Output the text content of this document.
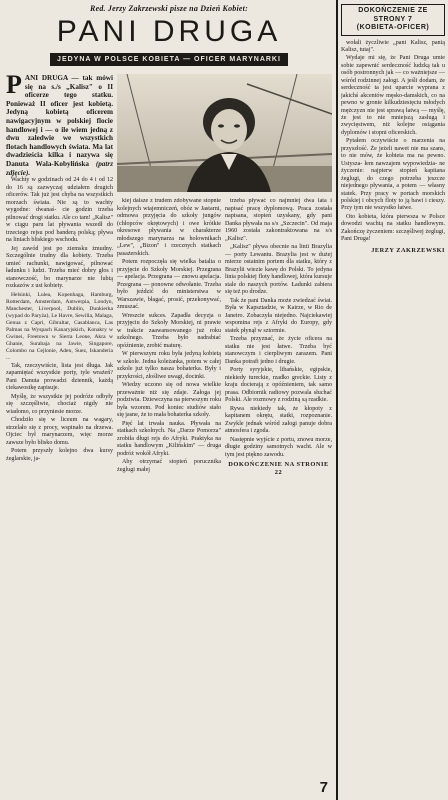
Red. Jerzy Zakrzewski pisze na Dzień Kobiet:
PANI DRUGA
JEDYNA W POLSCE KOBIETA — OFICER MARYNARKI
P ANI DRUGA — tak mówi się na s./s „Kalisz" o II oficerze tego statku. Ponieważ II oficer jest kobietą. Jedyną kobietą oficerem nawigacyjnym w polskiej flocie handlowej i — o ile wiem jedną z dwu zaledwie we wszystkich flotach handlowych świata. Ma lat dwadzieścia kilka i nazywa się Danuta Wala-Kobyłińska (patrz zdjęcie).

Wachty w godzinach od 24 do 4 i od 12 do 16 są zazwyczaj udziałem drugich oficerów. Tak już jest chyba na wszystkich morzach świata. Nie są to wachty wygodne: dwanaś- cie godzin trzeba pilnować drogi statku. Ale co tam! „Kalisz" w ciągu paru lat pływania wszedł do trzeciego rejsu pod banderą polską; pływa na liniach bliskiego wschodu.

Jej zawód jest po ziemsku żmudny. Szczególnie trudny dla kobiety. Trzeba umieć rachunki, nawigować, pilnować ładunku i ludzi. Trzeba mieć dobry głos i stanowczość, bo marynarze nie lubią rozkazów z ust kobiety.

Helsinki, Lulea, Kopenhaga, Hamburg, Rotterdam, Amsterdam, Antwerpia, Londyn, Manchester, Liverpool, Dublin, Dunkierka (wypad do Paryża), Le Havre, Sewilla, Malaga, Genua z Capri, Gibraltar, Casablanca, Las Palmas na Wyspach Kanaryjskich, Konakry w Gwinei, Freetown w Sierra Leone, Akra w Ghanie, Surabaja na Jawie, Singapore, Colombo na Cejlonie, Aden, Suez, Iskanderia ...

Tak, rzeczywiście, lista jest długa. Jak zapamiętać wszystkie porty, tyle wrażeń? Pani Danuta prowadzi dziennik, każdą ciekawostkę zapisuje.

Myślę, że wszystkie jej podróże odbyły się szczęśliwie, chociaż nigdy nie wiadomo, co przyniesie morze.

Chodziło się w liceum na wagary, strzelało się z procy, wspinało na drzewa. Ojciec był marynarzem, więc morze zawsze było blisko domu.

Potem przyszły kolejno dwa kursy żeglarskie, ja-

kiej dalsze z trudem zdobywane stopnie kolejnych wtajemniczeń, obóz w Jastarni, odmowa przyjęcia do szkoły jungów (chłopców okrętowych) i owe krótkie okresowe pływania w charakterze młodszego marynarza na holownikach „Lew", „Bizon" i rzecznych statkach pasażerskich.

Potem rozpoczęła się wielka batalia o przyjęcie do Szkoły Morskiej. Przegrana — apelacja. Przegrana — znowu apelacja. Przegrana — ponowne odwołanie. Trzeba było jeździć do ministerstwa w Warszawie, błagać, prosić, przekonywać, zmuszać.

Wreszcie sukces. Zapadła decyzja o przyjęciu do Szkoły Morskiej, ni prawie w trakcie zaawansowanego już roku szkolnego. Trzeba było nadrabiać opóźnienie, zrobić maturę.

W pierwszym roku była jedyną kobietą w szkole. Jedna koleżanka, potem w całej szkole już tylko nasza bohaterka. Były i przykrości, złośliwe uwagi, docinki.

Wiedzy uczono się od nowa wielkie przeważnie niż się zdaje. Załoga jej podziwia. Dziewczyna na pierwszym roku była wzorem. Pod koniec studiów stało się jasne, że to mała bohaterka szkoły.

Pięć lat trwała nauka. Pływała na statkach szkolnych. Na „Darze Pomorza" zrobiła długi rejs do Afryki. Praktyka na statku handlowym „Kilińskim" — druga podróż wokół Afryki.

Aby otrzymać stopień porucznika żeglugi małej

trzeba pływać co najmniej dwa lata i napisać pracę dyplomową. Praca została napisana, stopień uzyskany, gdy pani Danka pływała na s/s „Szczecin". Od maja 1960 została zakontraktowana na s/s „Kalisz".

„Kalisz" pływa obecnie na linii Brazylia — porty Lewantu. Brazylia jest w dużej mierze ostatnim portem dla statku, który z Brazylii wiezie kawę do Polski. To jedyna linia polskiej floty handlowej, która kursuje stale do naszych portów. Ładunki zabiera się też po drodze.

Tak że pani Danka może zwiedzać świat. Była w Kapsztadzie, w Kairze, w Rio de Janeiro. Zobaczyła niejedno. Najciekawiej wspomina rejs z Afryki do Europy, gdy statek płynął w sztormie.

Trzeba przyznać, że życie oficera na statku nie jest łatwe. Trzeba być stanowczym i cierpliwym zarazem. Pani Danka potrafi jedno i drugie.

Porty syryjskie, libańskie, egipskie, niekiedy tureckie, rzadko greckie. Listy z kraju docierają z opóźnieniem, tak samo prasa. Odbiornik radiowy pozwala słuchać Polski. Ale rozmowy z rodziną są rzadkie.

Rywa niekiedy tak, że kłopoty z kapitanem okrętu, statki, rozpoznanie. Zwykle jednak wśród załogi panuje dobra atmosfera i zgoda.

Następnie wyjście z portu, znowu morze, długie godziny samotnych wacht. Ale w tym jest piękno zawodu.

DOKOŃCZENIE NA STRONIE 22
7
DOKOŃCZENIE ZE STRONY 7
(KOBIETA-OFICER)

wołali życzliwie „pani Kalisz, panią Kalisz, tutaj".

Wydaje mi się, że Pani Druga umie sobie zapewnić serdeczność ludzką tak u osób postronnych jak — co ważniejsze — wśród rodzinnej załogi. A jeśli dodam, że serdeczność ta jest uparcie wyprana z jakichś akcentów męsko-damskich, co na pewno w gronie kilkudziesięciu młodych mężczyzn nie jest sprawą łatwą — myślę, że jest to nie mniejszą zasługą i zwycięstwem, niż kolejne osiągania dyplomów i stopni oficerskich.

Pytałem oczywiście o marzenia na przyszłość. Że jeżeli nawet nie ma szans, to nie mów, że kobieta ma na pewno. Ustysza- łem nawzajem wypowiedzia- ne życzenie: najpierw stopień kapitana żeglugi, do czego potrzeba jeszcze niejednego pływania, a potem — własny statek. Przy pracy w portach morskich polskiej i obcych floty to ją bawi i cieszy. Przy tym nie wszystko łatwe.

Oto kobieta, która pierwsza w Polsce dowodzi wachtą na statku handlowym. Zakończę życzeniem: szczęśliwej żeglugi, Pani Druga!

JERZY ZAKRZEWSKI
